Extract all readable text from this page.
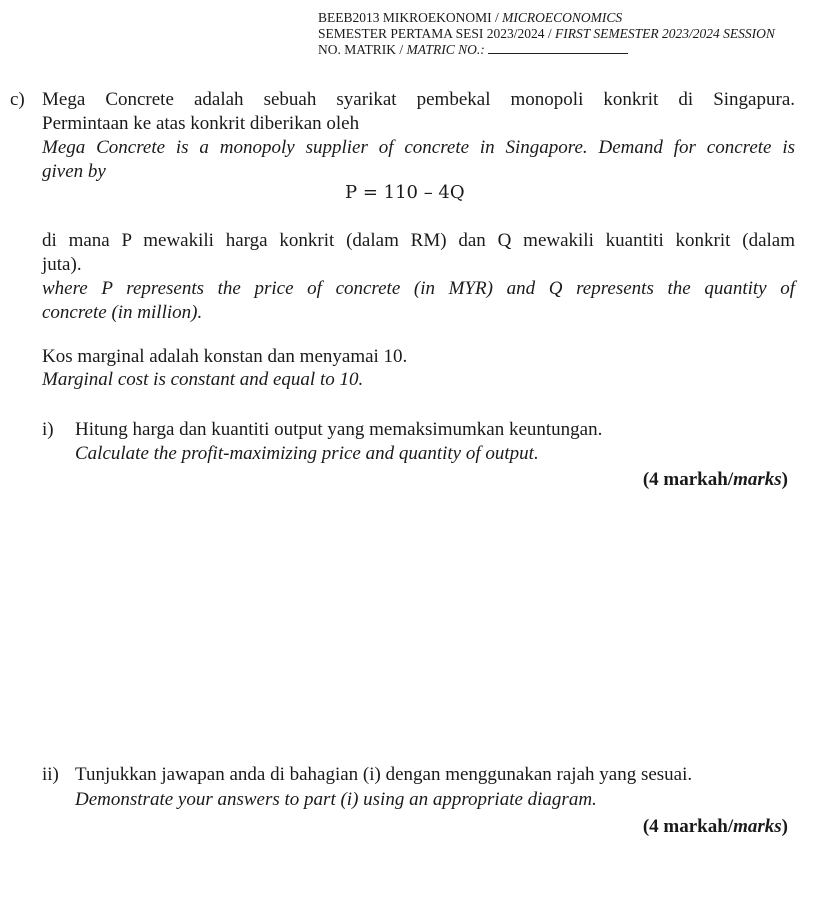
BEEB2013 MIKROEKONOMI / MICROECONOMICS
SEMESTER PERTAMA SESI 2023/2024 / FIRST SEMESTER 2023/2024 SESSION
NO. MATRIK / MATRIC NO.:
c) Mega Concrete adalah sebuah syarikat pembekal monopoli konkrit di Singapura.
Permintaan ke atas konkrit diberikan oleh
Mega Concrete is a monopoly supplier of concrete in Singapore. Demand for concrete is
given by
P = 110 – 4Q
di mana P mewakili harga konkrit (dalam RM) dan Q mewakili kuantiti konkrit (dalam
juta).
where P represents the price of concrete (in MYR) and Q represents the quantity of
concrete (in million).
Kos marginal adalah konstan dan menyamai 10.
Marginal cost is constant and equal to 10.
i) Hitung harga dan kuantiti output yang memaksimumkan keuntungan.
Calculate the profit-maximizing price and quantity of output.
(4 markah/marks)
ii) Tunjukkan jawapan anda di bahagian (i) dengan menggunakan rajah yang sesuai.
Demonstrate your answers to part (i) using an appropriate diagram.
(4 markah/marks)
